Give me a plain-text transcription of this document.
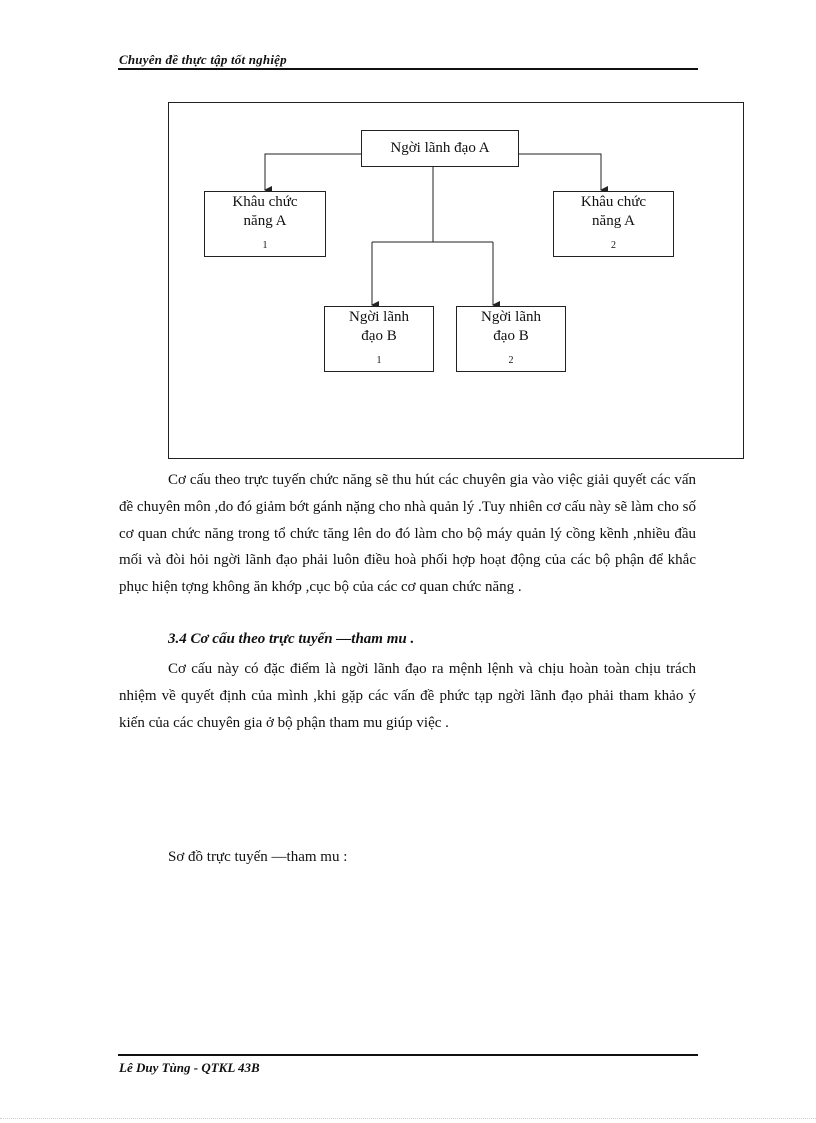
Chuyên đề thực tập tốt nghiệp
Ngời lãnh đạo A
Khâu chức
năng A
$_1$
Khâu chức
năng A
$_2$
Ngời lãnh
đạo B
$_1$
Ngời lãnh
đạo B
$_2$
Cơ cấu theo trực tuyến chức năng sẽ thu hút các chuyên gia vào việc giải quyết các vấn đề chuyên môn ,do đó giảm bớt gánh nặng cho nhà quản lý .Tuy nhiên cơ cấu này sẽ làm cho số cơ quan chức năng trong tổ chức tăng lên do đó làm cho bộ máy quản lý cồng kềnh ,nhiều đầu mối và đòi hỏi ngời lãnh đạo phải luôn điều hoà phối hợp hoạt động của các bộ phận để khắc phục hiện tợng không ăn khớp ,cục bộ của các cơ quan chức năng .
3.4 Cơ cấu theo trực tuyến —tham mu .
Cơ cấu này có đặc điểm là ngời lãnh đạo ra mệnh lệnh và chịu hoàn toàn chịu trách nhiệm về quyết định của mình ,khi gặp các vấn đề phức tạp ngời lãnh đạo phải tham khảo ý kiến của các chuyên gia ở bộ phận tham mu giúp việc .
Sơ đồ trực tuyến —tham mu :
Lê Duy Tùng - QTKL 43B
